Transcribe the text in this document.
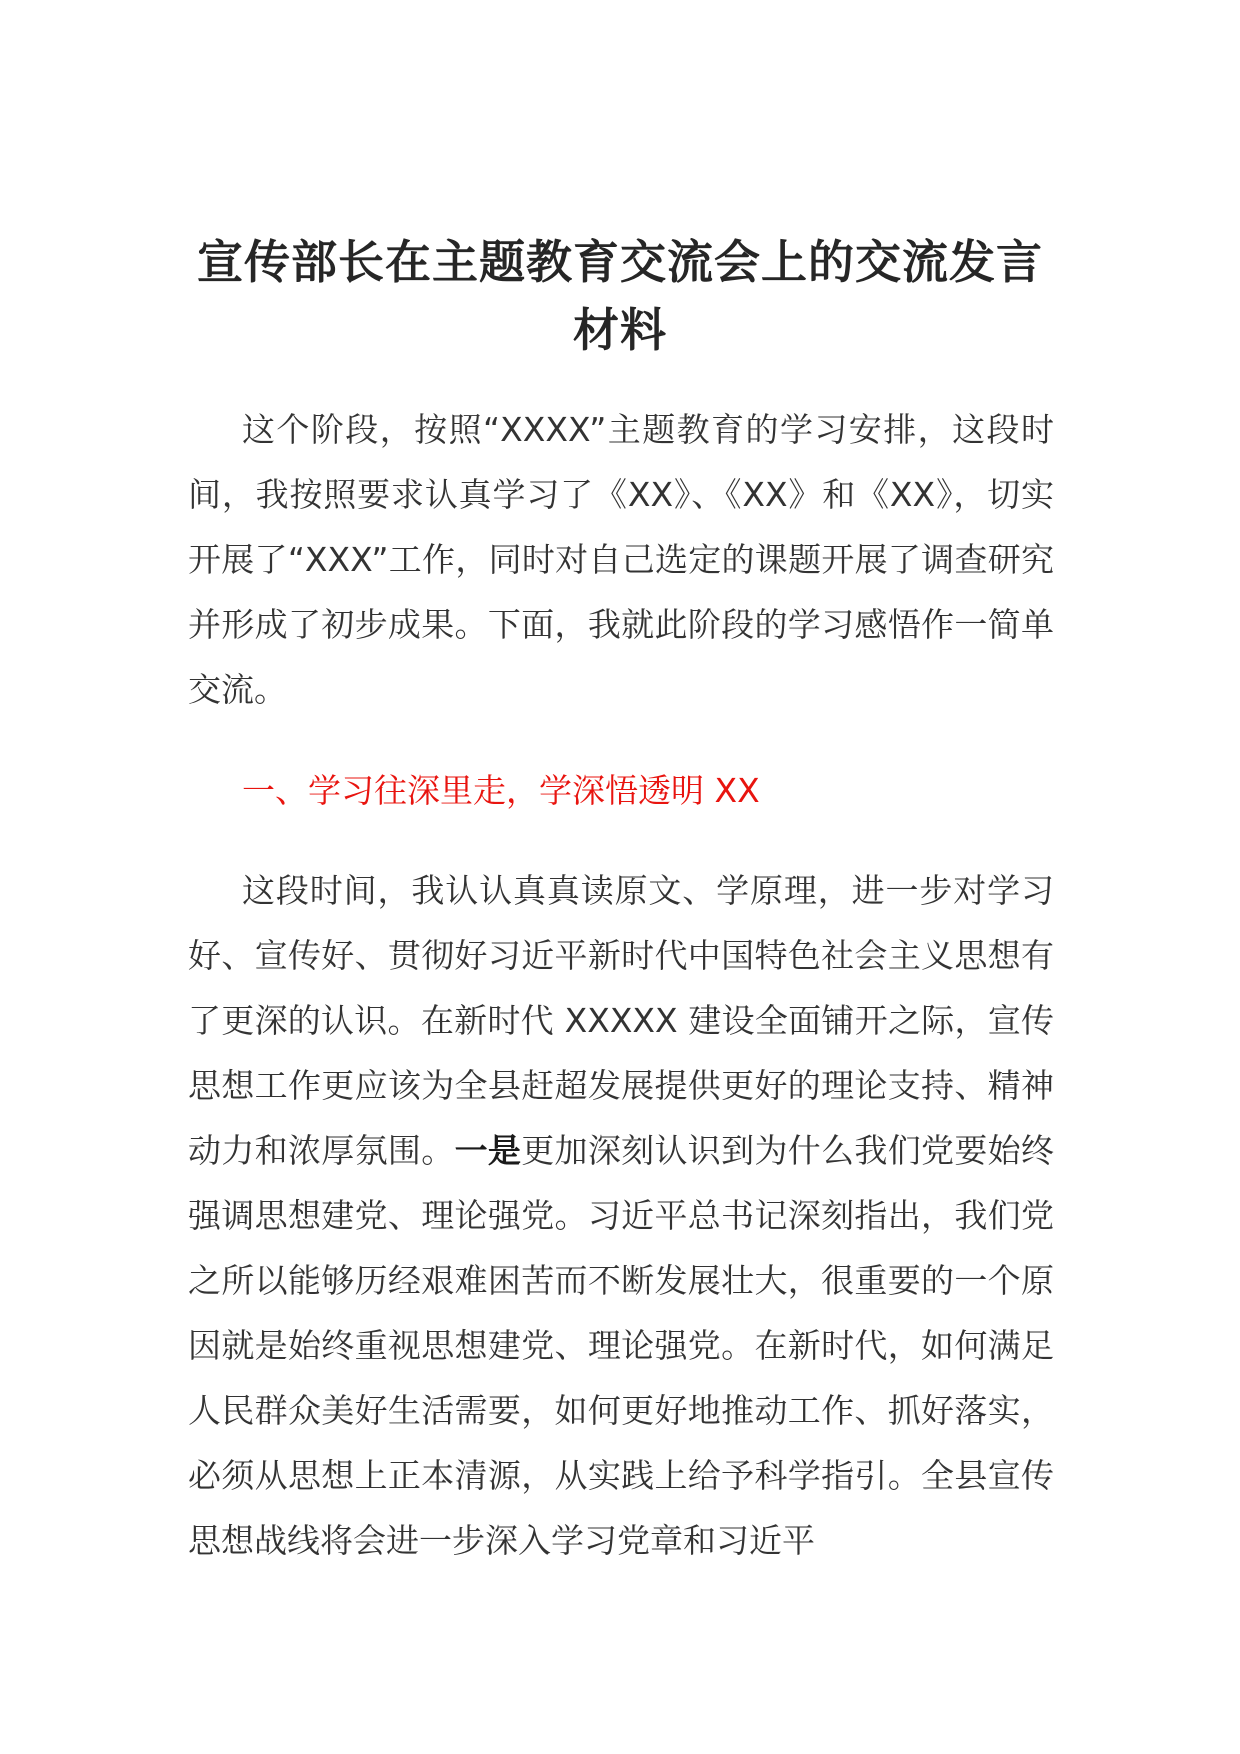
宣传部长在主题教育交流会上的交流发言
材料
这个阶段，按照“XXXX”主题教育的学习安排，这段时间，我按照要求认真学习了《XX》、《XX》和《XX》，切实开展了“XXX”工作，同时对自己选定的课题开展了调查研究并形成了初步成果。下面，我就此阶段的学习感悟作一简单交流。
一、学习往深里走，学深悟透明 XX
这段时间，我认认真真读原文、学原理，进一步对学习好、宣传好、贯彻好习近平新时代中国特色社会主义思想有了更深的认识。在新时代 XXXXX 建设全面铺开之际，宣传思想工作更应该为全县赶超发展提供更好的理论支持、精神动力和浓厚氛围。一是更加深刻认识到为什么我们党要始终强调思想建党、理论强党。习近平总书记深刻指出，我们党之所以能够历经艰难困苦而不断发展壮大，很重要的一个原因就是始终重视思想建党、理论强党。在新时代，如何满足人民群众美好生活需要，如何更好地推动工作、抓好落实，必须从思想上正本清源，从实践上给予科学指引。全县宣传思想战线将会进一步深入学习党章和习近平
